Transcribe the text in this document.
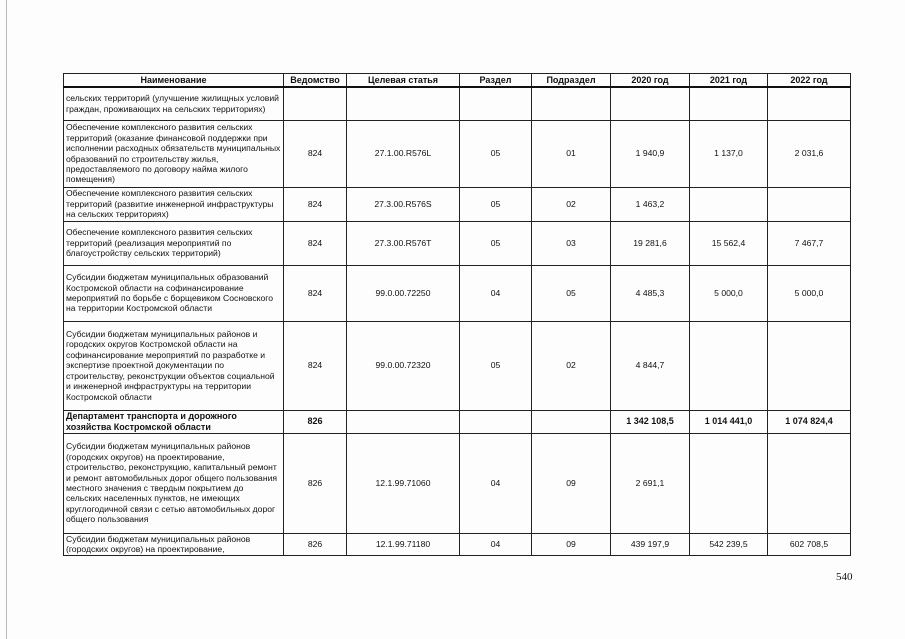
Наименование	Ведомство	Целевая статья	Раздел	Подраздел	2020 год	2021 год	2022 год
сельских территорий (улучшение жилищных условий граждан, проживающих на сельских территориях)							
Обеспечение комплексного развития сельских территорий (оказание финансовой поддержки при исполнении расходных обязательств муниципальных образований по строительству жилья, предоставляемого по договору найма жилого помещения)	824	27.1.00.R576L	05	01	1 940,9	1 137,0	2 031,6
Обеспечение комплексного развития сельских территорий (развитие инженерной инфраструктуры на сельских территориях)	824	27.3.00.R576S	05	02	1 463,2		
Обеспечение комплексного развития сельских территорий (реализация мероприятий по благоустройству сельских территорий)	824	27.3.00.R576T	05	03	19 281,6	15 562,4	7 467,7
Субсидии бюджетам муниципальных образований Костромской области на софинансирование мероприятий по борьбе с борщевиком Сосновского на территории Костромской области	824	99.0.00.72250	04	05	4 485,3	5 000,0	5 000,0
Субсидии бюджетам муниципальных районов и городских округов Костромской области на софинансирование мероприятий по разработке и экспертизе проектной документации по строительству, реконструкции объектов социальной и инженерной инфраструктуры на территории Костромской области	824	99.0.00.72320	05	02	4 844,7		
Департамент транспорта и дорожного хозяйства Костромской области	826				1 342 108,5	1 014 441,0	1 074 824,4
Субсидии бюджетам муниципальных районов (городских округов) на проектирование, строительство, реконструкцию, капитальный ремонт и ремонт автомобильных дорог общего пользования местного значения с твердым покрытием до сельских населенных пунктов, не имеющих круглогодичной связи с сетью автомобильных дорог общего пользования	826	12.1.99.71060	04	09	2 691,1		
Субсидии бюджетам муниципальных районов (городских округов) на проектирование,	826	12.1.99.71180	04	09	439 197,9	542 239,5	602 708,5
540
